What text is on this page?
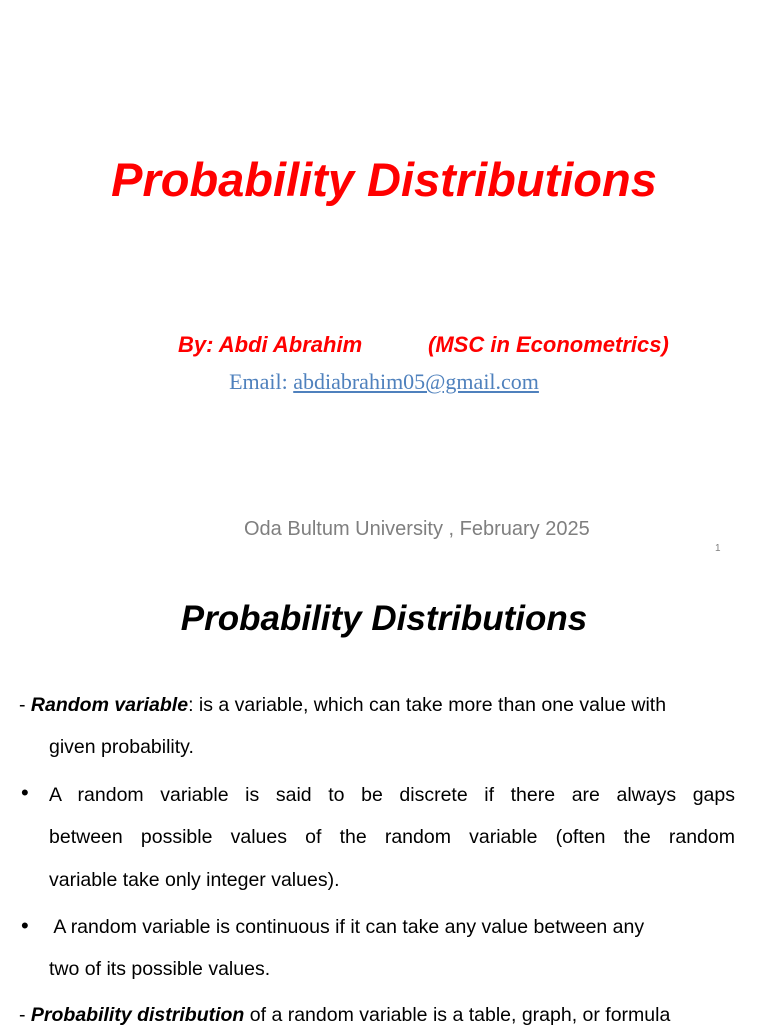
Probability Distributions
By: Abdi Abrahim	(MSC in Econometrics)
Email: abdiabrahim05@gmail.com
Oda Bultum University , February 2025
1
Probability Distributions
- Random variable: is a variable, which can take more than one value with
given probability.
• A random variable is said to be discrete if there are always gaps
between possible values of the random variable (often the random
variable take only integer values).
• A random variable is continuous if it can take any value between any
two of its possible values.
- Probability distribution of a random variable is a table, graph, or formula
